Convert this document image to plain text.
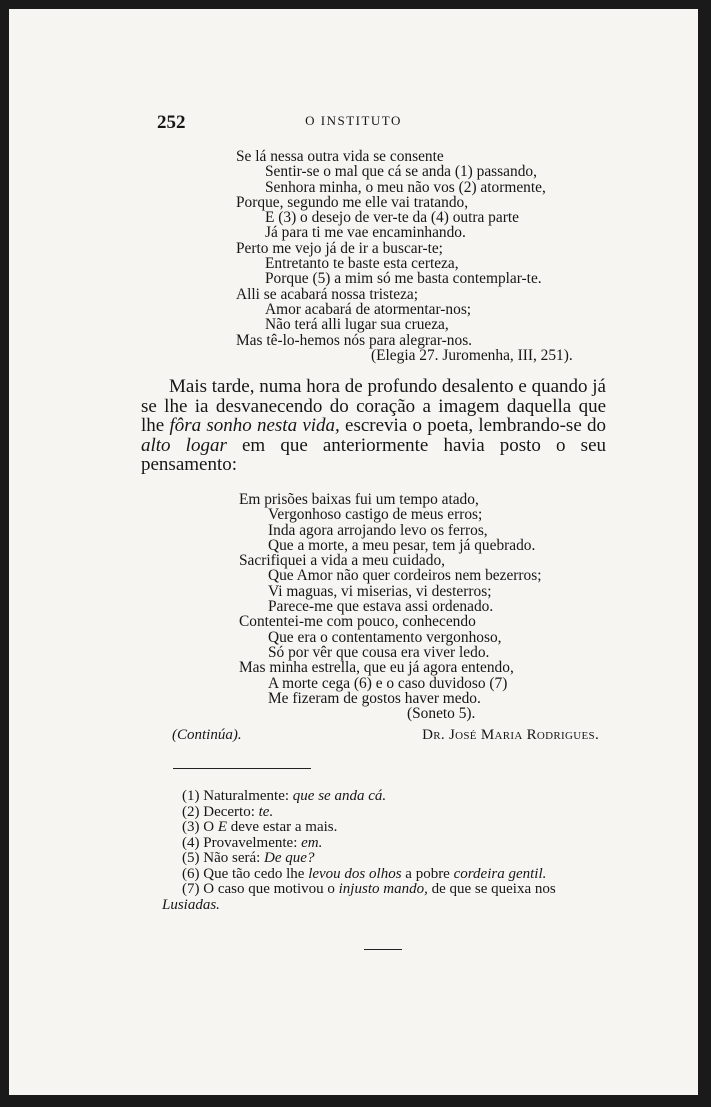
252	O INSTITUTO
Se lá nessa outra vida se consente
Sentir-se o mal que cá se anda (1) passando,
Senhora minha, o meu não vos (2) atormente,
Porque, segundo me elle vai tratando,
E (3) o desejo de ver-te da (4) outra parte
Já para ti me vae encaminhando.
Perto me vejo já de ir a buscar-te;
Entretanto te baste esta certeza,
Porque (5) a mim só me basta contemplar-te.
Alli se acabará nossa tristeza;
Amor acabará de atormentar-nos;
Não terá alli lugar sua crueza,
Mas tê-lo-hemos nós para alegrar-nos.
(Elegia 27. Juromenha, III, 251).

Mais tarde, numa hora de profundo desalento e quando já se lhe ia desvanecendo do coração a imagem daquella que lhe fôra sonho nesta vida, escrevia o poeta, lembrando-se do alto logar em que anteriormente havia posto o seu pensamento:

Em prisões baixas fui um tempo atado,
Vergonhoso castigo de meus erros;
Inda agora arrojando levo os ferros,
Que a morte, a meu pesar, tem já quebrado.
Sacrifiquei a vida a meu cuidado,
Que Amor não quer cordeiros nem bezerros;
Vi maguas, vi miserias, vi desterros;
Parece-me que estava assi ordenado.
Contentei-me com pouco, conhecendo
Que era o contentamento vergonhoso,
Só por vêr que cousa era viver ledo.
Mas minha estrella, que eu já agora entendo,
A morte cega (6) e o caso duvidoso (7)
Me fizeram de gostos haver medo.
(Soneto 5).
(Continúa).	Dr. José Maria Rodrigues.
(1) Naturalmente: que se anda cá.
(2) Decerto: te.
(3) O E deve estar a mais.
(4) Provavelmente: em.
(5) Não será: De que?
(6) Que tão cedo lhe levou dos olhos a pobre cordeira gentil.
(7) O caso que motivou o injusto mando, de que se queixa nos
Lusiadas.
